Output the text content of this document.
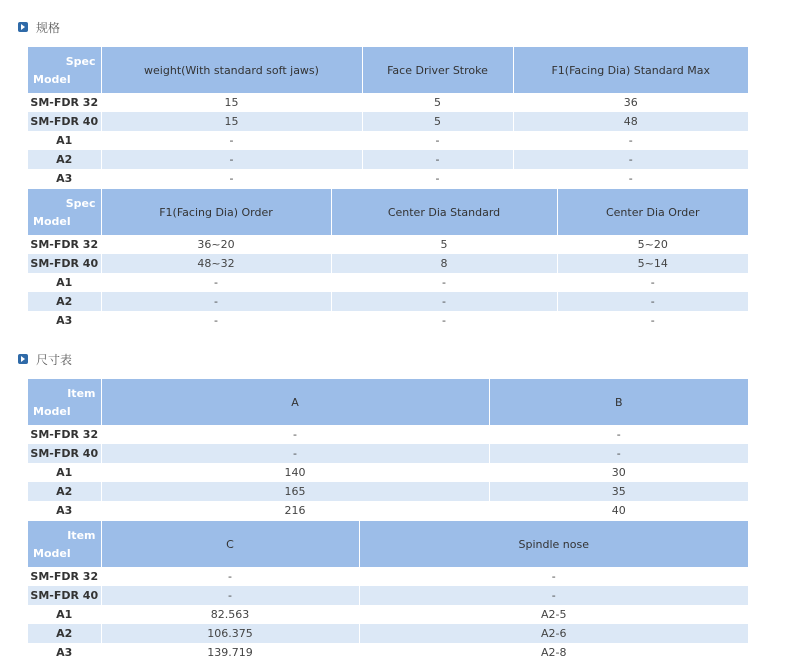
规格
Spec
Model	weight(With standard soft jaws)	Face Driver Stroke	F1(Facing Dia) Standard Max
SM-FDR 32	15	5	36
SM-FDR 40	15	5	48
A1	-	-	-
A2	-	-	-
A3	-	-	-
Spec
Model	F1(Facing Dia) Order	Center Dia Standard	Center Dia Order
SM-FDR 32	36~20	5	5~20
SM-FDR 40	48~32	8	5~14
A1	-	-	-
A2	-	-	-
A3	-	-	-
尺寸表
Item
Model	A	B
SM-FDR 32	-	-
SM-FDR 40	-	-
A1	140	30
A2	165	35
A3	216	40
Item
Model	C	Spindle nose
SM-FDR 32	-	-
SM-FDR 40	-	-
A1	82.563	A2-5
A2	106.375	A2-6
A3	139.719	A2-8
